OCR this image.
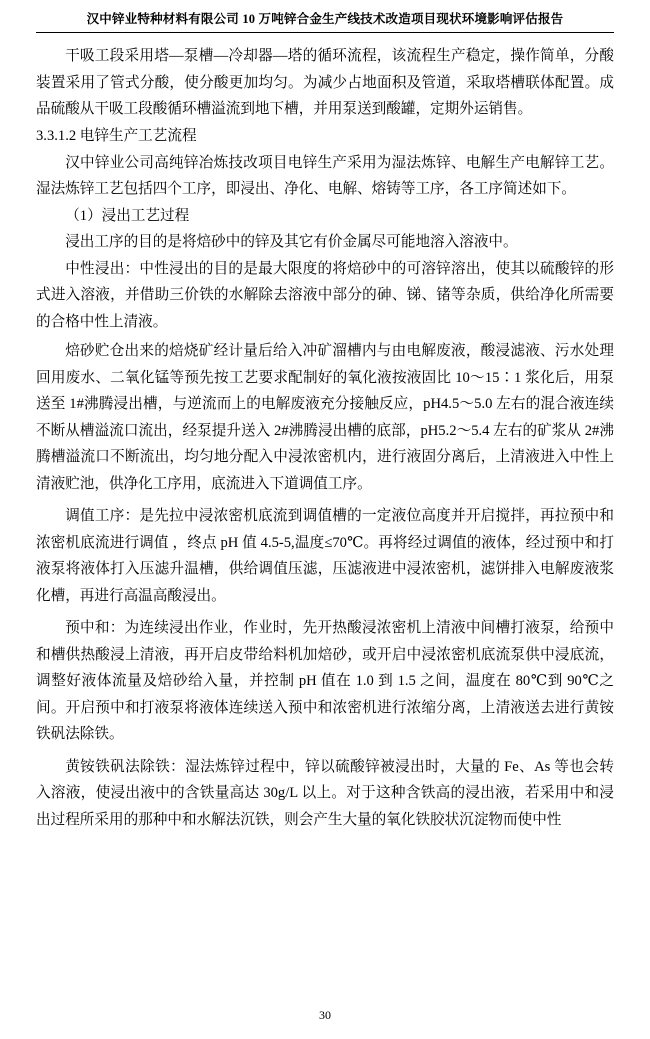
汉中锌业特种材料有限公司 10 万吨锌合金生产线技术改造项目现状环境影响评估报告

干吸工段采用塔—泵槽—冷却器—塔的循环流程，该流程生产稳定，操作简单，分酸装置采用了管式分酸，使分酸更加均匀。为减少占地面积及管道，采取塔槽联体配置。成品硫酸从干吸工段酸循环槽溢流到地下槽，并用泵送到酸罐，定期外运销售。

3.3.1.2 电锌生产工艺流程

汉中锌业公司高纯锌冶炼技改项目电锌生产采用为湿法炼锌、电解生产电解锌工艺。湿法炼锌工艺包括四个工序，即浸出、净化、电解、熔铸等工序，各工序简述如下。

（1）浸出工艺过程

浸出工序的目的是将焙砂中的锌及其它有价金属尽可能地溶入溶液中。

中性浸出：中性浸出的目的是最大限度的将焙砂中的可溶锌溶出，使其以硫酸锌的形式进入溶液，并借助三价铁的水解除去溶液中部分的砷、锑、锗等杂质，供给净化所需要的合格中性上清液。

焙砂贮仓出来的焙烧矿经计量后给入冲矿溜槽内与由电解废液，酸浸滤液、污水处理回用废水、二氧化锰等预先按工艺要求配制好的氧化液按液固比 10～15∶1 浆化后，用泵送至 1#沸腾浸出槽，与逆流而上的电解废液充分接触反应，pH4.5～5.0 左右的混合液连续不断从槽溢流口流出，经泵提升送入 2#沸腾浸出槽的底部，pH5.2～5.4 左右的矿浆从 2#沸腾槽溢流口不断流出，均匀地分配入中浸浓密机内，进行液固分离后，上清液进入中性上清液贮池，供净化工序用，底流进入下道调值工序。

调值工序：是先拉中浸浓密机底流到调值槽的一定液位高度并开启搅拌，再拉预中和浓密机底流进行调值 ，终点 pH 值 4.5-5,温度≤70℃。再将经过调值的液体，经过预中和打液泵将液体打入压滤升温槽，供给调值压滤，压滤液进中浸浓密机，滤饼排入电解废液浆化槽，再进行高温高酸浸出。

预中和：为连续浸出作业，作业时，先开热酸浸浓密机上清液中间槽打液泵，给预中和槽供热酸浸上清液，再开启皮带给料机加焙砂，或开启中浸浓密机底流泵供中浸底流，调整好液体流量及焙砂给入量，并控制 pH 值在 1.0 到 1.5 之间，温度在 80℃到 90℃之间。开启预中和打液泵将液体连续送入预中和浓密机进行浓缩分离，上清液送去进行黄铵铁矾法除铁。

黄铵铁矾法除铁：湿法炼锌过程中，锌以硫酸锌被浸出时，大量的 Fe、As 等也会转入溶液，使浸出液中的含铁量高达 30g/L 以上。对于这种含铁高的浸出液，若采用中和浸出过程所采用的那种中和水解法沉铁，则会产生大量的氧化铁胶状沉淀物而使中性

30
